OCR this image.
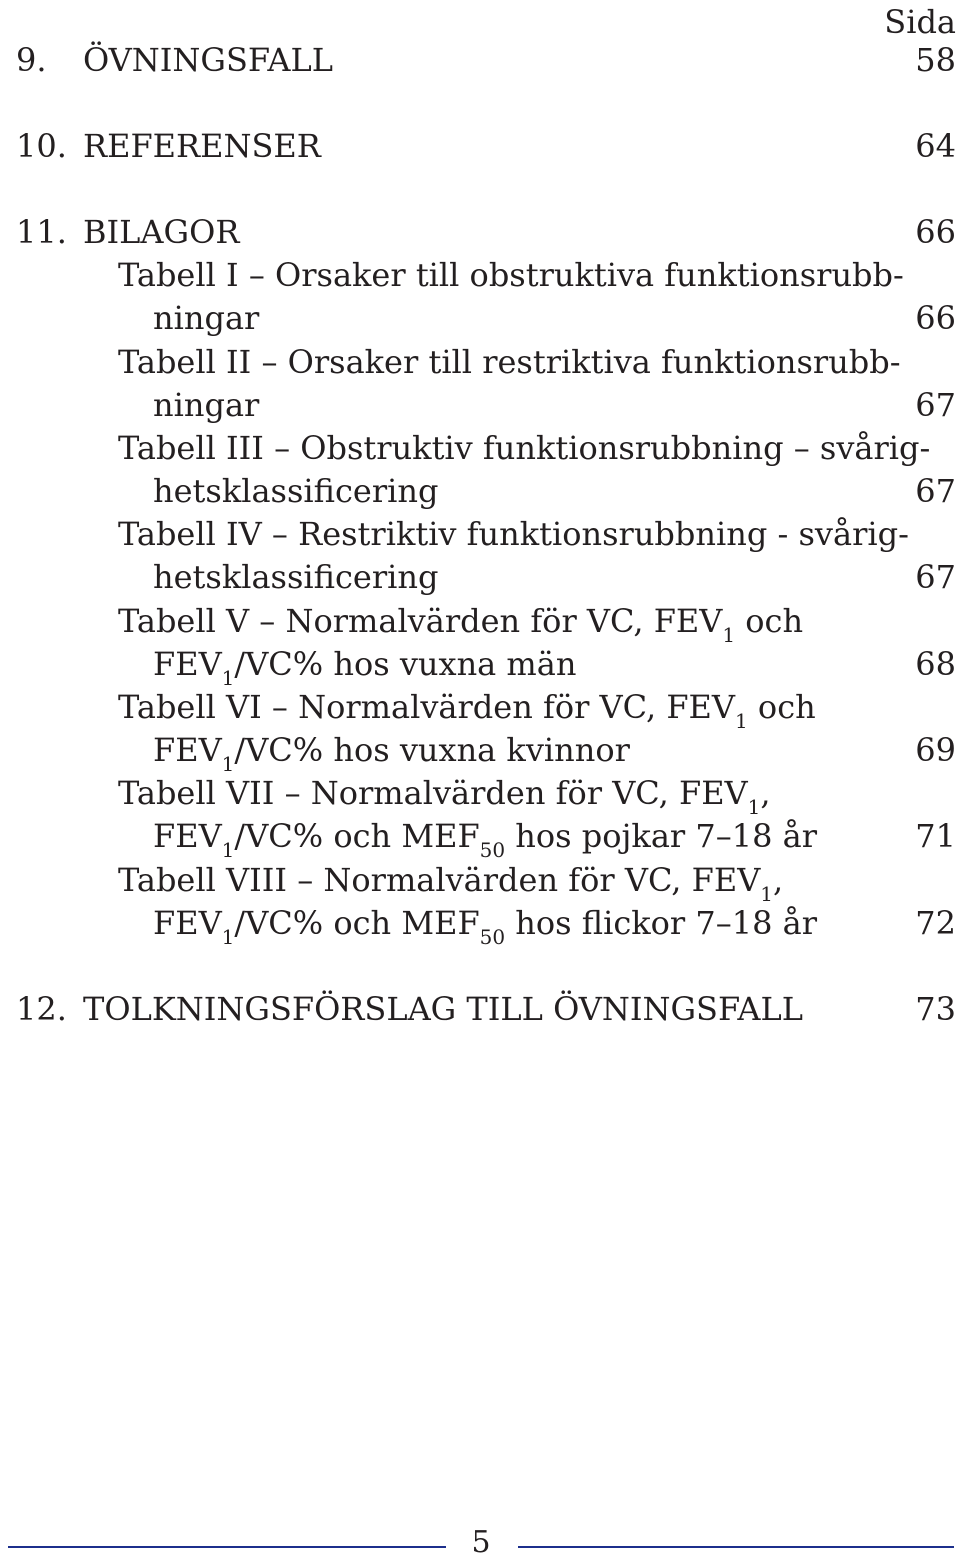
Sida
9. ÖVNINGSFALL	58
10. REFERENSER	64
11. BILAGOR	66
Tabell I – Orsaker till obstruktiva funktionsrubb-
ningar	66
Tabell II – Orsaker till restriktiva funktionsrubb-
ningar	67
Tabell III – Obstruktiv funktionsrubbning – svårig-
hetsklassificering	67
Tabell IV – Restriktiv funktionsrubbning - svårig-
hetsklassificering	67
Tabell V – Normalvärden för VC, $FEV_1$ och
$FEV_1/VC\%$ hos vuxna män	68
Tabell VI – Normalvärden för VC, $FEV_1$ och
$FEV_1/VC\%$ hos vuxna kvinnor	69
Tabell VII – Normalvärden för VC, $FEV_1$,
$FEV_1/VC\%$ och $MEF_{50}$ hos pojkar 7–18 år	71
Tabell VIII – Normalvärden för VC, $FEV_1$,
$FEV_1/VC\%$ och $MEF_{50}$ hos flickor 7–18 år	72
12. TOLKNINGSFÖRSLAG TILL ÖVNINGSFALL	73
5
